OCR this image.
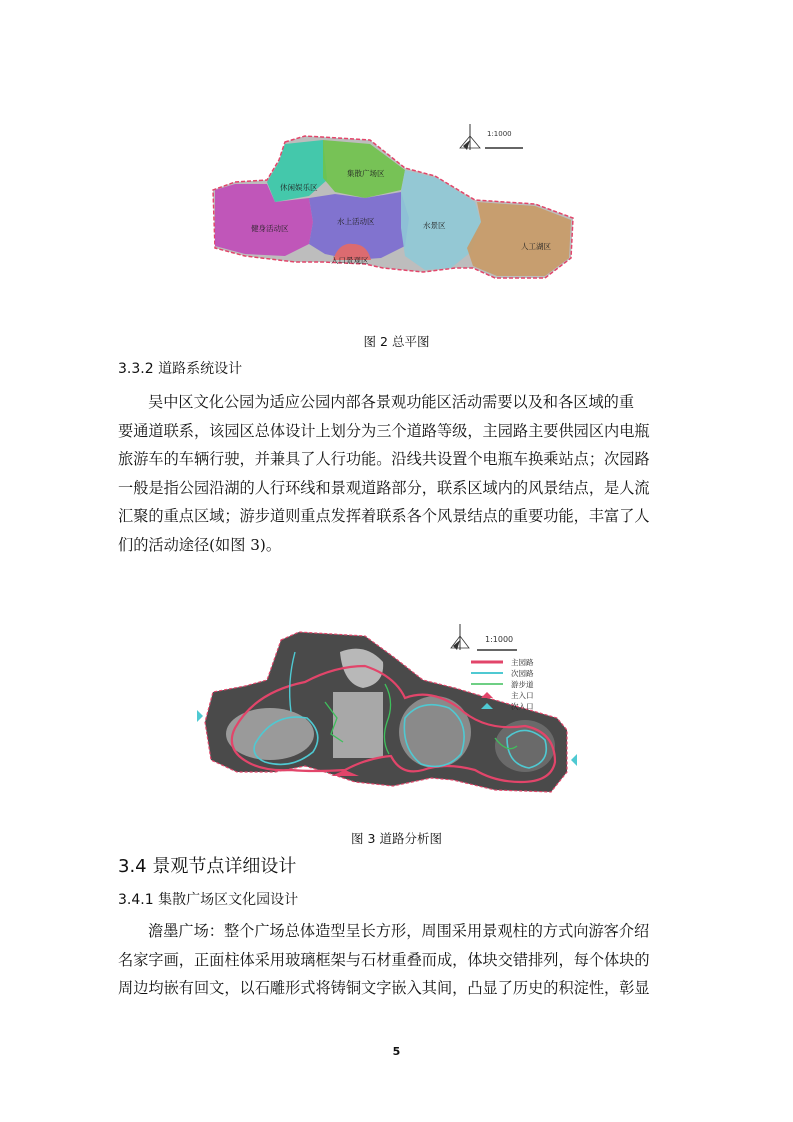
休闲娱乐区
集散广场区
健身活动区
水上活动区	水景区
入口景观区
人工湖区
1:1000
图 2 总平图
3.3.2 道路系统设计
吴中区文化公园为适应公园内部各景观功能区活动需要以及和各区域的重
要通道联系，该园区总体设计上划分为三个道路等级，主园路主要供园区内电瓶
旅游车的车辆行驶，并兼具了人行功能。沿线共设置个电瓶车换乘站点；次园路
一般是指公园沿湖的人行环线和景观道路部分，联系区域内的风景结点，是人流
汇聚的重点区域；游步道则重点发挥着联系各个风景结点的重要功能，丰富了人
们的活动途径(如图 3)。
1:1000
主园路
次园路
游步道
主入口
次入口
图 3 道路分析图
3.4 景观节点详细设计
3.4.1 集散广场区文化园设计
澹墨广场：整个广场总体造型呈长方形，周围采用景观柱的方式向游客介绍
名家字画，正面柱体采用玻璃框架与石材重叠而成，体块交错排列，每个体块的
周边均嵌有回文，以石雕形式将铸铜文字嵌入其间，凸显了历史的积淀性，彰显
5
